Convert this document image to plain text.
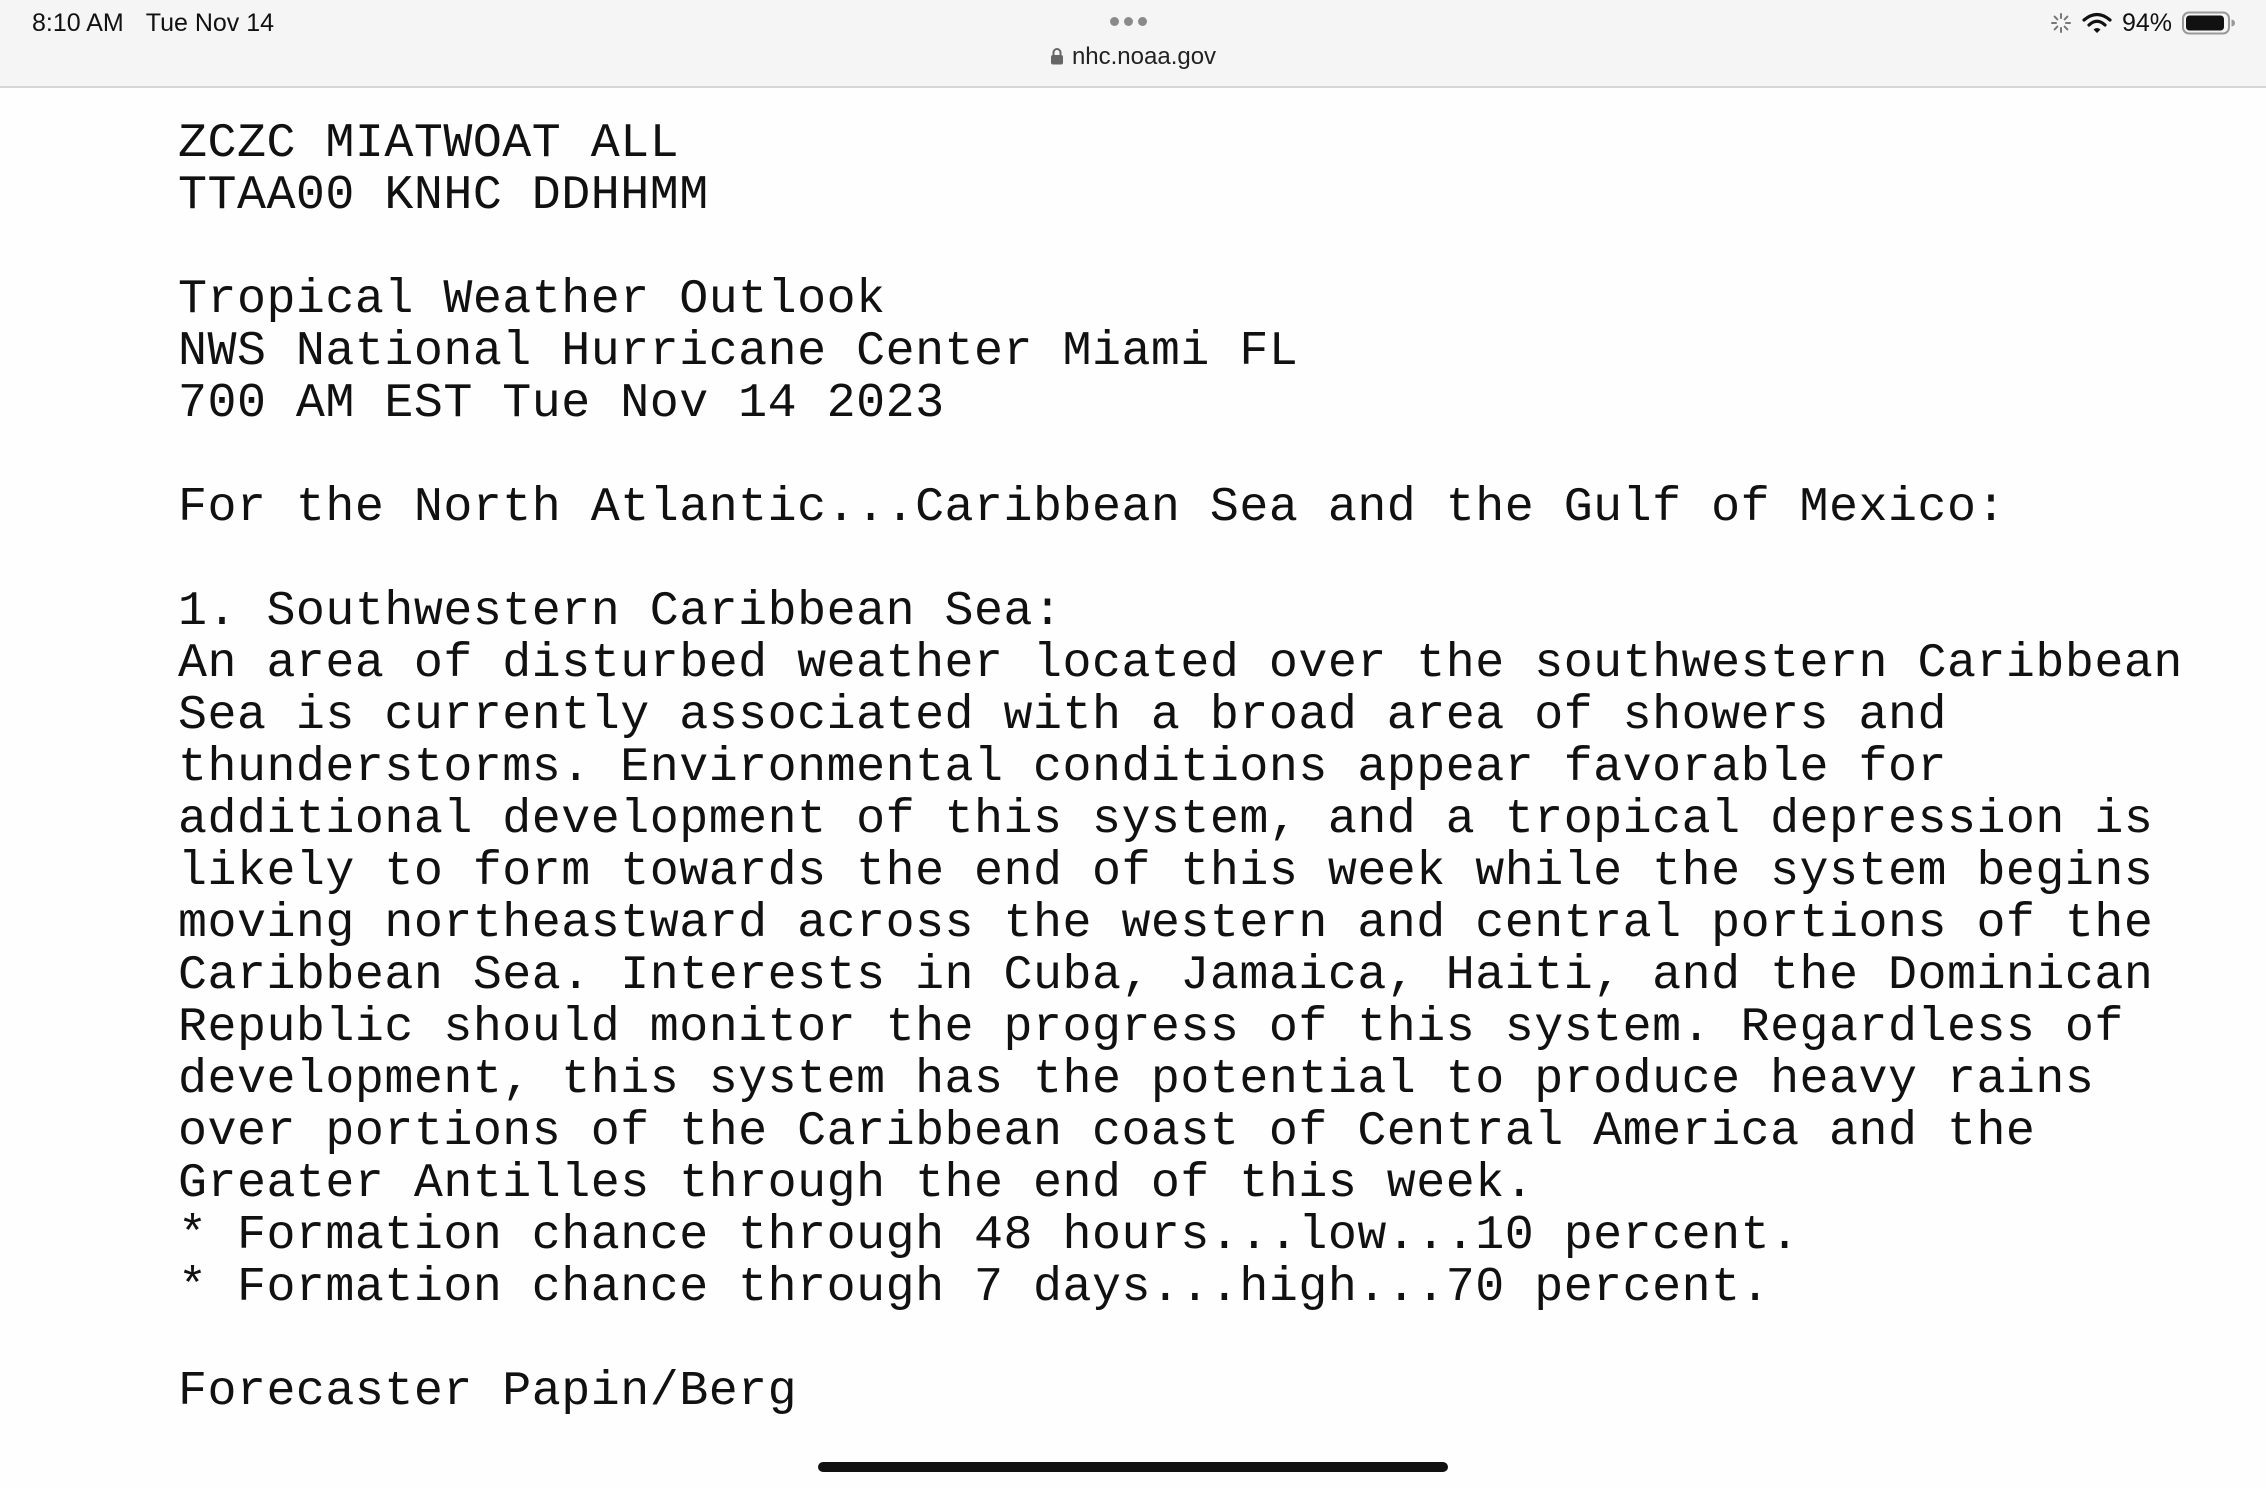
8:10 AM Tue Nov 14	94%
nhc.noaa.gov
ZCZC MIATWOAT ALL
TTAA00 KNHC DDHHMM
Tropical Weather Outlook
NWS National Hurricane Center Miami FL
700 AM EST Tue Nov 14 2023
For the North Atlantic...Caribbean Sea and the Gulf of Mexico:
1. Southwestern Caribbean Sea:
An area of disturbed weather located over the southwestern Caribbean
Sea is currently associated with a broad area of showers and
thunderstorms. Environmental conditions appear favorable for
additional development of this system, and a tropical depression is
likely to form towards the end of this week while the system begins
moving northeastward across the western and central portions of the
Caribbean Sea. Interests in Cuba, Jamaica, Haiti, and the Dominican
Republic should monitor the progress of this system. Regardless of
development, this system has the potential to produce heavy rains
over portions of the Caribbean coast of Central America and the
Greater Antilles through the end of this week.
* Formation chance through 48 hours...low...10 percent.
* Formation chance through 7 days...high...70 percent.
Forecaster Papin/Berg
